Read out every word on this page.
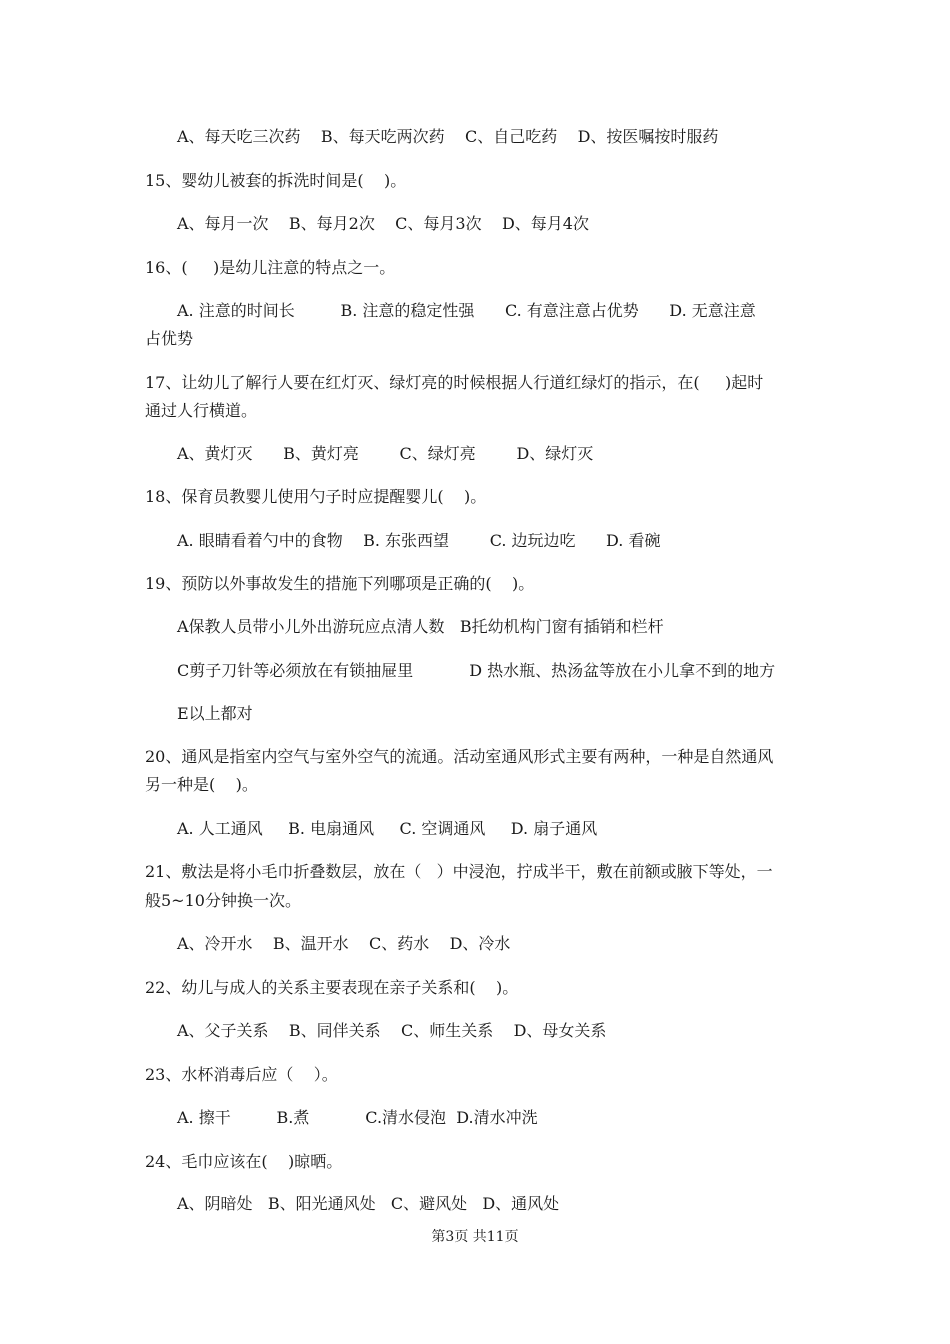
A、每天吃三次药    B、每天吃两次药    C、自己吃药    D、按医嘱按时服药
15、婴幼儿被套的拆洗时间是(    )。
A、每月一次    B、每月2次    C、每月3次    D、每月4次
16、(     )是幼儿注意的特点之一。
A. 注意的时间长         B. 注意的稳定性强      C. 有意注意占优势      D. 无意注意
占优势
17、让幼儿了解行人要在红灯灭、绿灯亮的时候根据人行道红绿灯的指示，在(     )起时
通过人行横道。
A、黄灯灭      B、黄灯亮        C、绿灯亮        D、绿灯灭
18、保育员教婴儿使用勺子时应提醒婴儿(    )。
A. 眼睛看着勺中的食物    B. 东张西望        C. 边玩边吃      D. 看碗
19、预防以外事故发生的措施下列哪项是正确的(    )。
A保教人员带小儿外出游玩应点清人数   B托幼机构门窗有插销和栏杆
C剪子刀针等必须放在有锁抽屉里           D 热水瓶、热汤盆等放在小儿拿不到的地方
E以上都对
20、通风是指室内空气与室外空气的流通。活动室通风形式主要有两种，一种是自然通风
另一种是(    )。
A. 人工通风     B. 电扇通风     C. 空调通风     D. 扇子通风
21、敷法是将小毛巾折叠数层，放在（   ）中浸泡，拧成半干，敷在前额或腋下等处，一
般5~10分钟换一次。
A、冷开水    B、温开水    C、药水    D、冷水
22、幼儿与成人的关系主要表现在亲子关系和(    )。
A、父子关系    B、同伴关系    C、师生关系    D、母女关系
23、水杯消毒后应（    ）。
A. 擦干         B.煮           C.清水侵泡  D.清水冲洗
24、毛巾应该在(    )晾晒。
A、阴暗处   B、阳光通风处   C、避风处   D、通风处
第3页 共11页
